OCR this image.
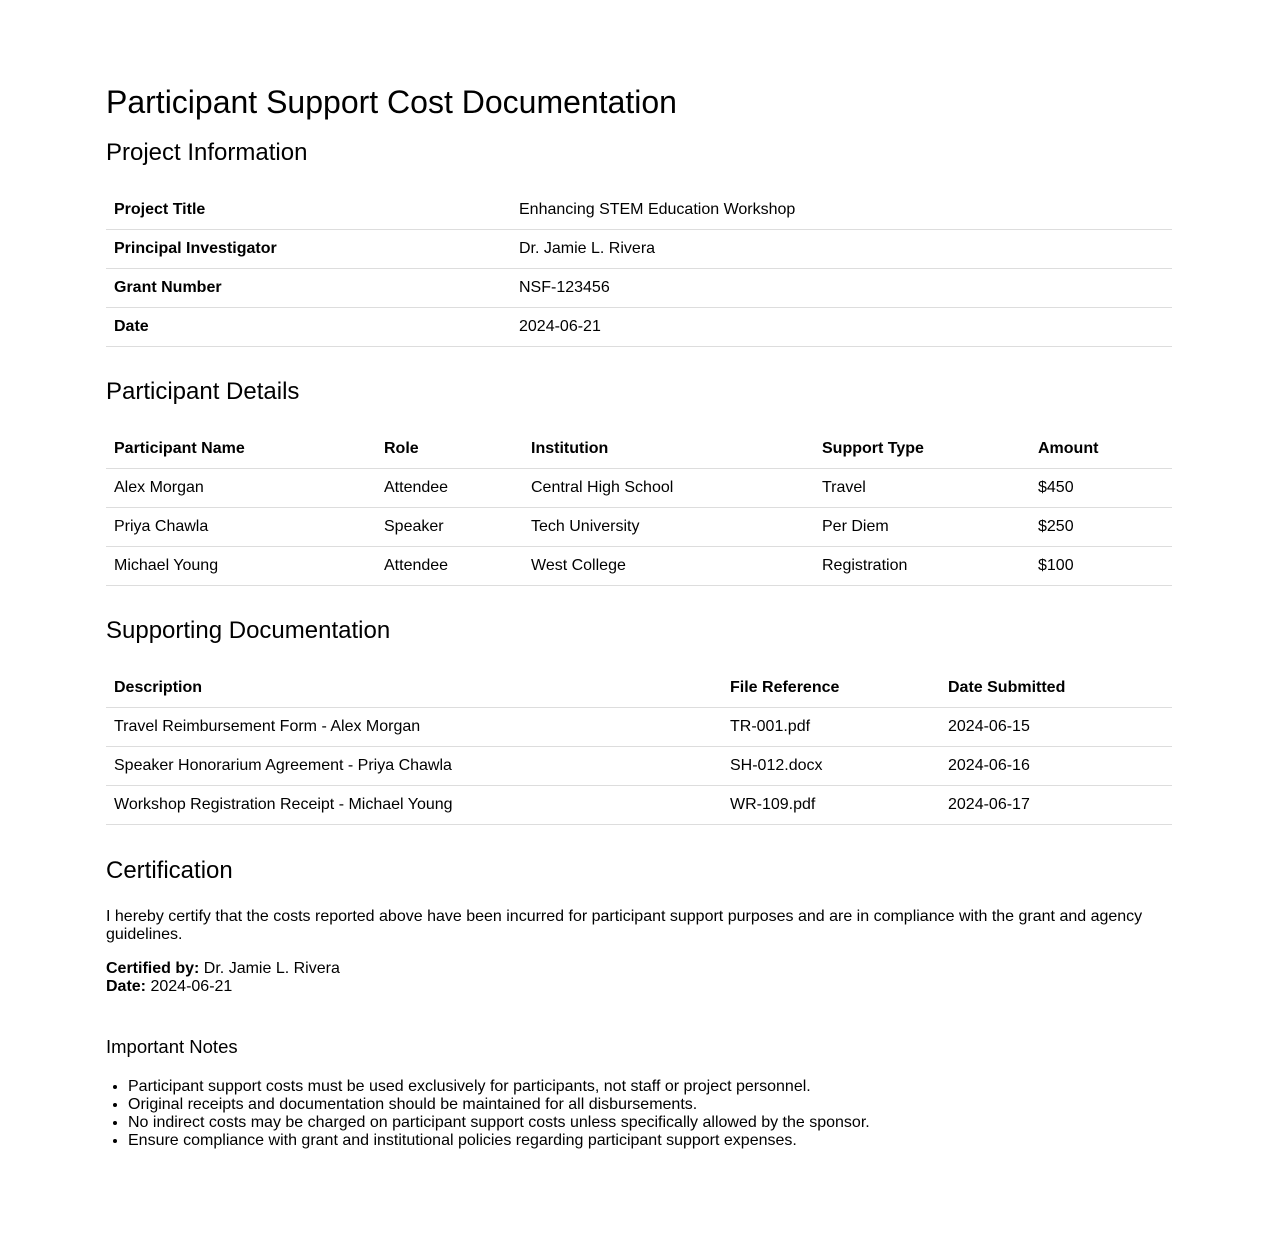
Participant Support Cost Documentation
Project Information
Project Title	Enhancing STEM Education Workshop
Principal Investigator	Dr. Jamie L. Rivera
Grant Number	NSF-123456
Date	2024-06-21
Participant Details
Participant Name	Role	Institution	Support Type	Amount
Alex Morgan	Attendee	Central High School	Travel	$450
Priya Chawla	Speaker	Tech University	Per Diem	$250
Michael Young	Attendee	West College	Registration	$100
Supporting Documentation
Description	File Reference	Date Submitted
Travel Reimbursement Form - Alex Morgan	TR-001.pdf	2024-06-15
Speaker Honorarium Agreement - Priya Chawla	SH-012.docx	2024-06-16
Workshop Registration Receipt - Michael Young	WR-109.pdf	2024-06-17
Certification

I hereby certify that the costs reported above have been incurred for participant support purposes and are in compliance with the grant and agency guidelines.

Certified by: Dr. Jamie L. Rivera
Date: 2024-06-21

Important Notes
• Participant support costs must be used exclusively for participants, not staff or project personnel.
• Original receipts and documentation should be maintained for all disbursements.
• No indirect costs may be charged on participant support costs unless specifically allowed by the sponsor.
• Ensure compliance with grant and institutional policies regarding participant support expenses.
